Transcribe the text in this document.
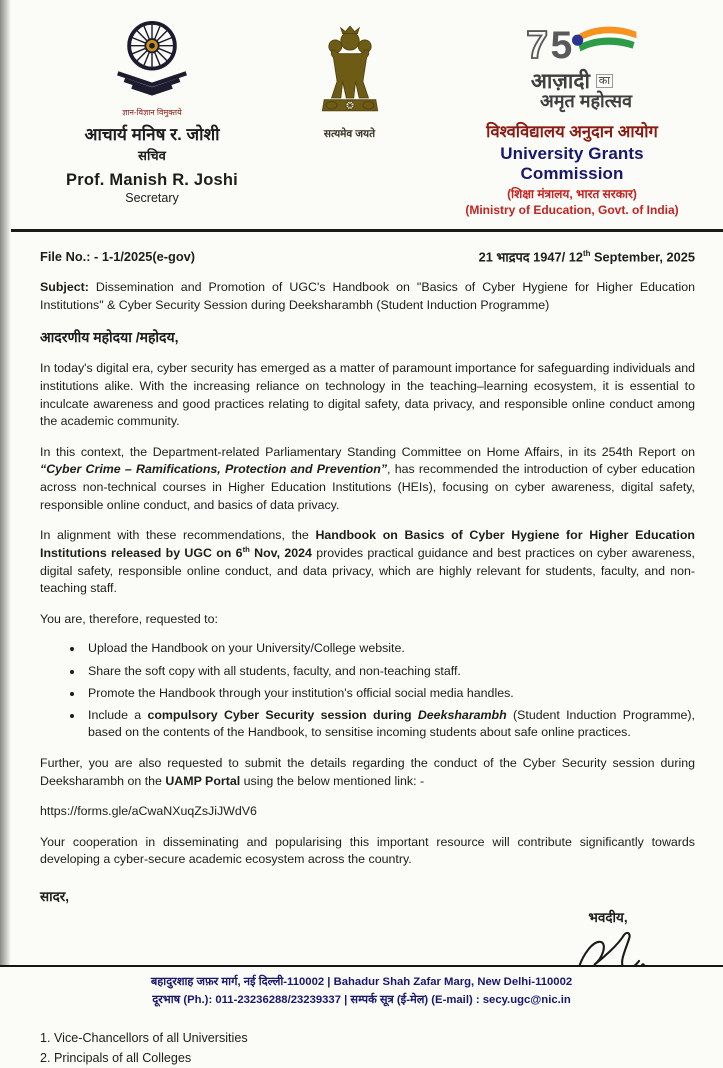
ज्ञान-विज्ञान विमुक्तये
आचार्य मनिष र. जोशी
सचिव
Prof. Manish R. Joshi
Secretary
सत्यमेव जयते
7 5
आज़ादी का
अमृत महोत्सव
विश्वविद्यालय अनुदान आयोग
University Grants Commission
(शिक्षा मंत्रालय, भारत सरकार)
(Ministry of Education, Govt. of India)
File No.: - 1-1/2025(e-gov)	21 भाद्रपद 1947/ 12th September, 2025

Subject: Dissemination and Promotion of UGC's Handbook on "Basics of Cyber Hygiene for Higher Education Institutions" & Cyber Security Session during Deeksharambh (Student Induction Programme)

आदरणीय महोदया /महोदय,

In today's digital era, cyber security has emerged as a matter of paramount importance for safeguarding individuals and institutions alike. With the increasing reliance on technology in the teaching–learning ecosystem, it is essential to inculcate awareness and good practices relating to digital safety, data privacy, and responsible online conduct among the academic community.

In this context, the Department-related Parliamentary Standing Committee on Home Affairs, in its 254th Report on “Cyber Crime – Ramifications, Protection and Prevention”, has recommended the introduction of cyber education across non-technical courses in Higher Education Institutions (HEIs), focusing on cyber awareness, digital safety, responsible online conduct, and basics of data privacy.

In alignment with these recommendations, the Handbook on Basics of Cyber Hygiene for Higher Education Institutions released by UGC on 6th Nov, 2024 provides practical guidance and best practices on cyber awareness, digital safety, responsible online conduct, and data privacy, which are highly relevant for students, faculty, and non-teaching staff.

You are, therefore, requested to:

• Upload the Handbook on your University/College website.
• Share the soft copy with all students, faculty, and non-teaching staff.
• Promote the Handbook through your institution's official social media handles.
• Include a compulsory Cyber Security session during Deeksharambh (Student Induction Programme), based on the contents of the Handbook, to sensitise incoming students about safe online practices.

Further, you are also requested to submit the details regarding the conduct of the Cyber Security session during Deeksharambh on the UAMP Portal using the below mentioned link: -

https://forms.gle/aCwaNXuqZsJiJWdV6

Your cooperation in disseminating and popularising this important resource will contribute significantly towards developing a cyber-secure academic ecosystem across the country.

सादर,
भवदीय,
1. Vice-Chancellors of all Universities
2. Principals of all Colleges
बहादुरशाह जफ़र मार्ग, नई दिल्ली-110002 | Bahadur Shah Zafar Marg, New Delhi-110002
दूरभाष (Ph.): 011-23236288/23239337 | सम्पर्क सूत्र (ई-मेल) (E-mail) : secy.ugc@nic.in
